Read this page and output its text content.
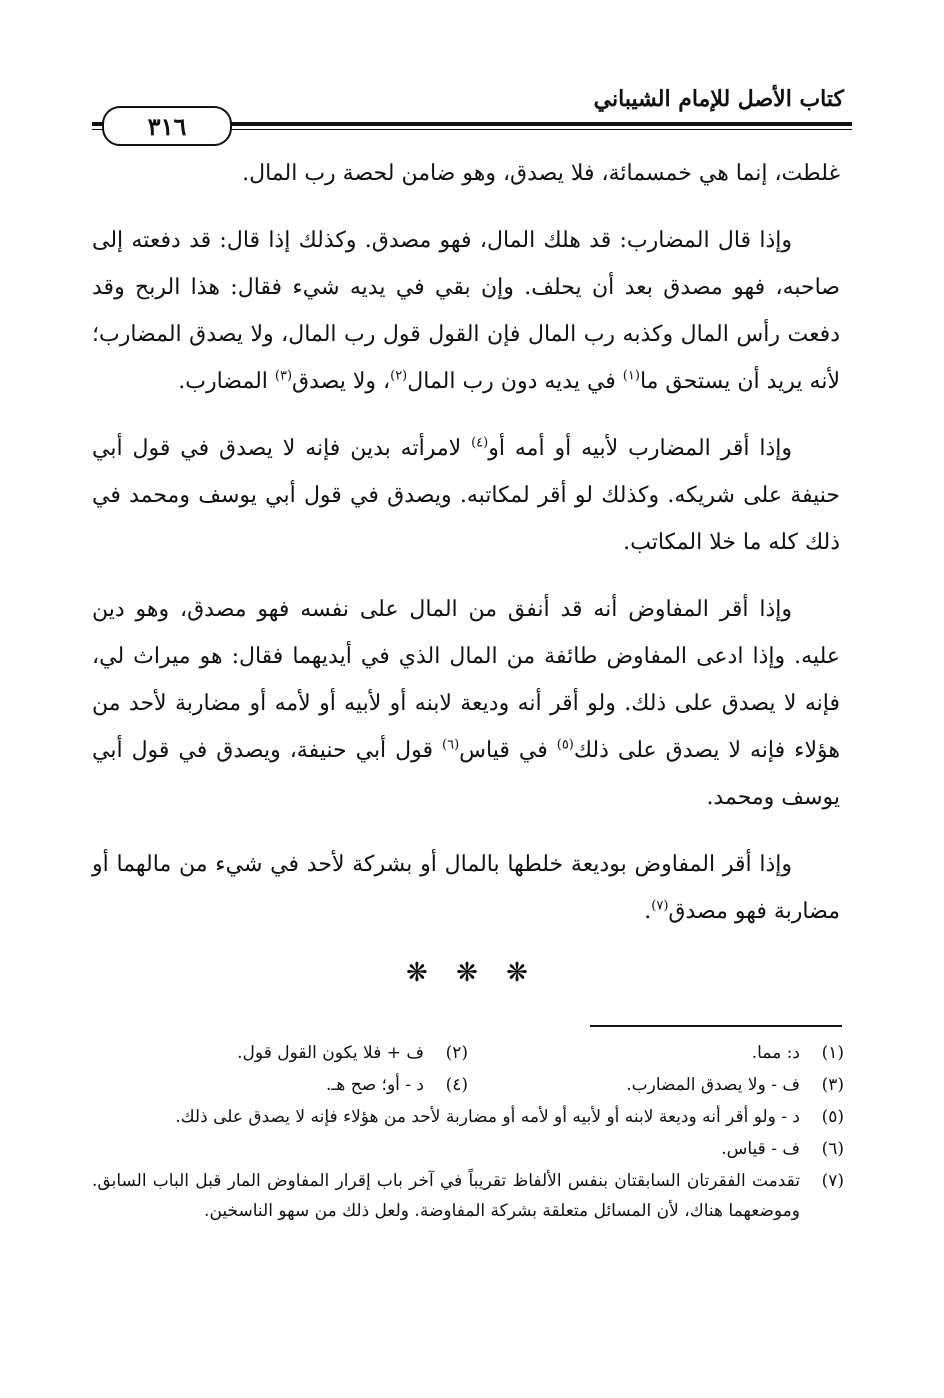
كتاب الأصل للإمام الشيباني
٣١٦

غلطت، إنما هي خمسمائة، فلا يصدق، وهو ضامن لحصة رب المال.

وإذا قال المضارب: قد هلك المال، فهو مصدق. وكذلك إذا قال: قد دفعته إلى صاحبه، فهو مصدق بعد أن يحلف. وإن بقي في يديه شيء فقال: هذا الربح وقد دفعت رأس المال وكذبه رب المال فإن القول قول رب المال، ولا يصدق المضارب؛ لأنه يريد أن يستحق ما$^{(١)}$ في يديه دون رب المال$^{(٢)}$، ولا يصدق$^{(٣)}$ المضارب.

وإذا أقر المضارب لأبيه أو أمه أو$^{(٤)}$ لامرأته بدين فإنه لا يصدق في قول أبي حنيفة على شريكه. وكذلك لو أقر لمكاتبه. ويصدق في قول أبي يوسف ومحمد في ذلك كله ما خلا المكاتب.

وإذا أقر المفاوض أنه قد أنفق من المال على نفسه فهو مصدق، وهو دين عليه. وإذا ادعى المفاوض طائفة من المال الذي في أيديهما فقال: هو ميراث لي، فإنه لا يصدق على ذلك. ولو أقر أنه وديعة لابنه أو لأبيه أو لأمه أو مضاربة لأحد من هؤلاء فإنه لا يصدق على ذلك$^{(٥)}$ في قياس$^{(٦)}$ قول أبي حنيفة، ويصدق في قول أبي يوسف ومحمد.

وإذا أقر المفاوض بوديعة خلطها بالمال أو بشركة لأحد في شيء من مالهما أو مضاربة فهو مصدق$^{(٧)}$.

❋ ❋ ❋
(١)
د: مما.
(٢)
ف + فلا يكون القول قول.
(٣)
ف - ولا يصدق المضارب.
(٤)
د - أو؛ صح هـ.
(٥)
د - ولو أقر أنه وديعة لابنه أو لأبيه أو لأمه أو مضاربة لأحد من هؤلاء فإنه لا يصدق على ذلك.
(٦)
ف - قياس.
(٧)
تقدمت الفقرتان السابقتان بنفس الألفاظ تقريباً في آخر باب إقرار المفاوض المار قبل الباب السابق. وموضعهما هناك، لأن المسائل متعلقة بشركة المفاوضة. ولعل ذلك من سهو الناسخين.
